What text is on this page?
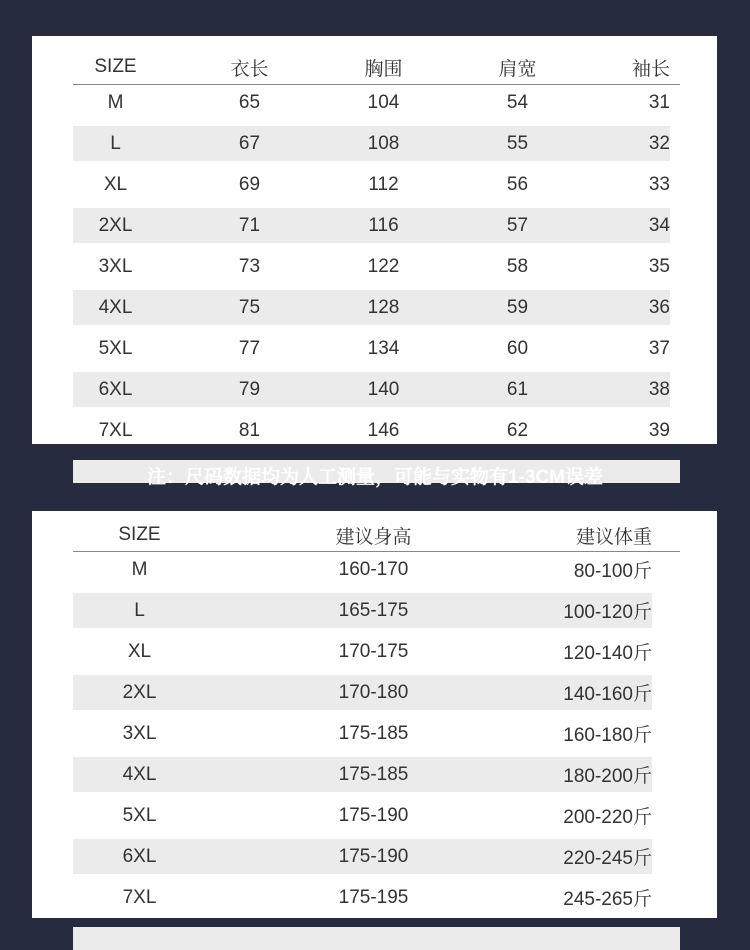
SIZE	衣长	胸围	肩宽	袖长
M	65	104	54	31
L	67	108	55	32
XL	69	112	56	33
2XL	71	116	57	34
3XL	73	122	58	35
4XL	75	128	59	36
5XL	77	134	60	37
6XL	79	140	61	38
7XL	81	146	62	39

注：尺码数据均为人工测量，可能与实物有1-3CM误差
SIZE	建议身高	建议体重
M	160-170	80-100斤
L	165-175	100-120斤
XL	170-175	120-140斤
2XL	170-180	140-160斤
3XL	175-185	160-180斤
4XL	175-185	180-200斤
5XL	175-190	200-220斤
6XL	175-190	220-245斤
7XL	175-195	245-265斤
